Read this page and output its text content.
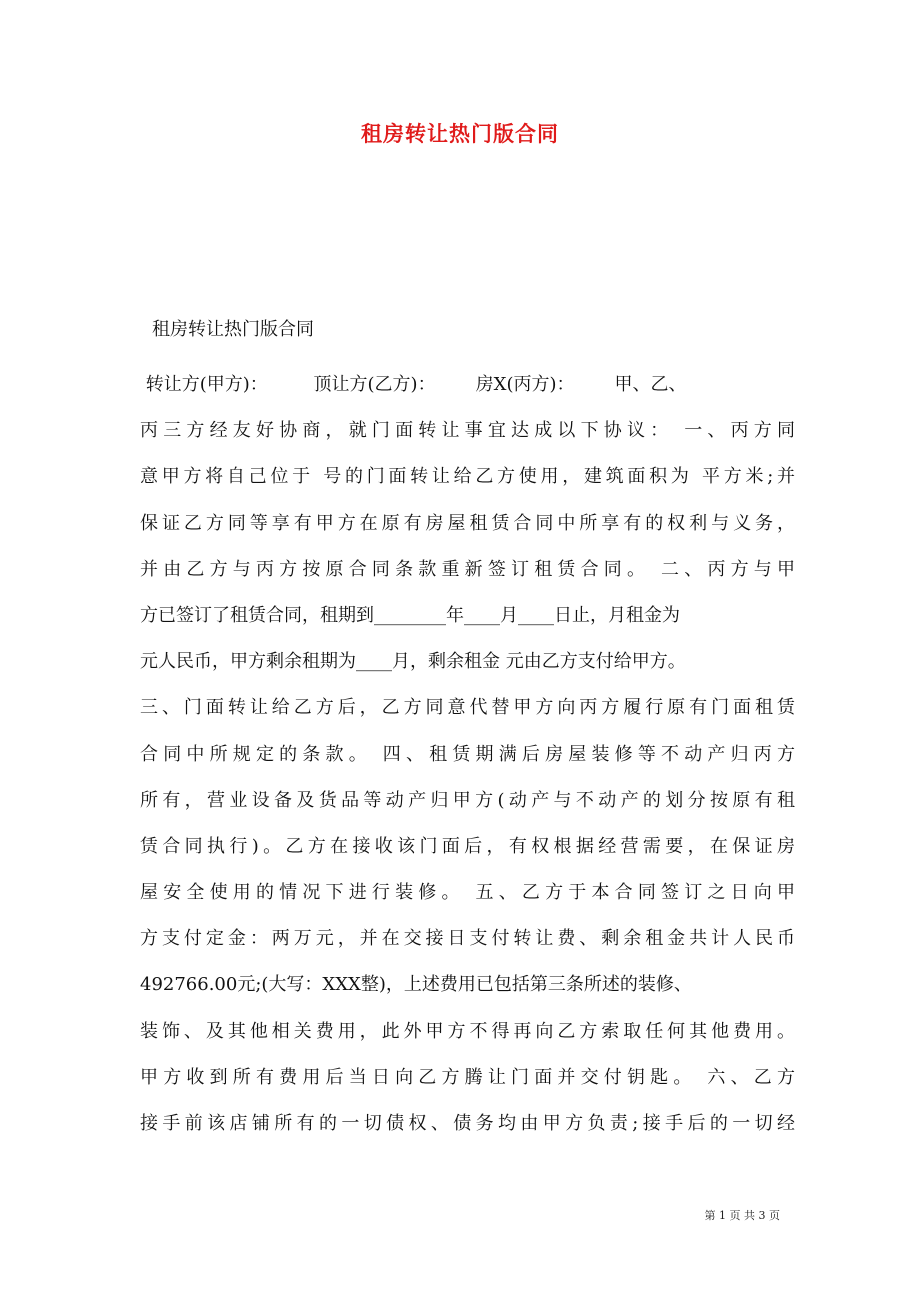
租房转让热门版合同
租房转让热门版合同
转让方(甲方)：        顶让方(乙方)：       房X(丙方)：       甲、乙、
丙三方经友好协商，就门面转让事宜达成以下协议： 一、丙方同
意甲方将自己位于 号的门面转让给乙方使用，建筑面积为 平方米;并
保证乙方同等享有甲方在原有房屋租赁合同中所享有的权利与义务，
并由乙方与丙方按原合同条款重新签订租赁合同。 二、丙方与甲
方已签订了租赁合同，租期到________年____月____日止，月租金为
元人民币，甲方剩余租期为____月，剩余租金 元由乙方支付给甲方。
三、门面转让给乙方后，乙方同意代替甲方向丙方履行原有门面租赁
合同中所规定的条款。 四、租赁期满后房屋装修等不动产归丙方
所有，营业设备及货品等动产归甲方(动产与不动产的划分按原有租
赁合同执行)。乙方在接收该门面后，有权根据经营需要，在保证房
屋安全使用的情况下进行装修。 五、乙方于本合同签订之日向甲
方支付定金：两万元，并在交接日支付转让费、剩余租金共计人民币
492766.00元;(大写：XXX整)，上述费用已包括第三条所述的装修、
装饰、及其他相关费用，此外甲方不得再向乙方索取任何其他费用。
甲方收到所有费用后当日向乙方腾让门面并交付钥匙。 六、乙方
接手前该店铺所有的一切债权、债务均由甲方负责;接手后的一切经
第 1 页 共 3 页
